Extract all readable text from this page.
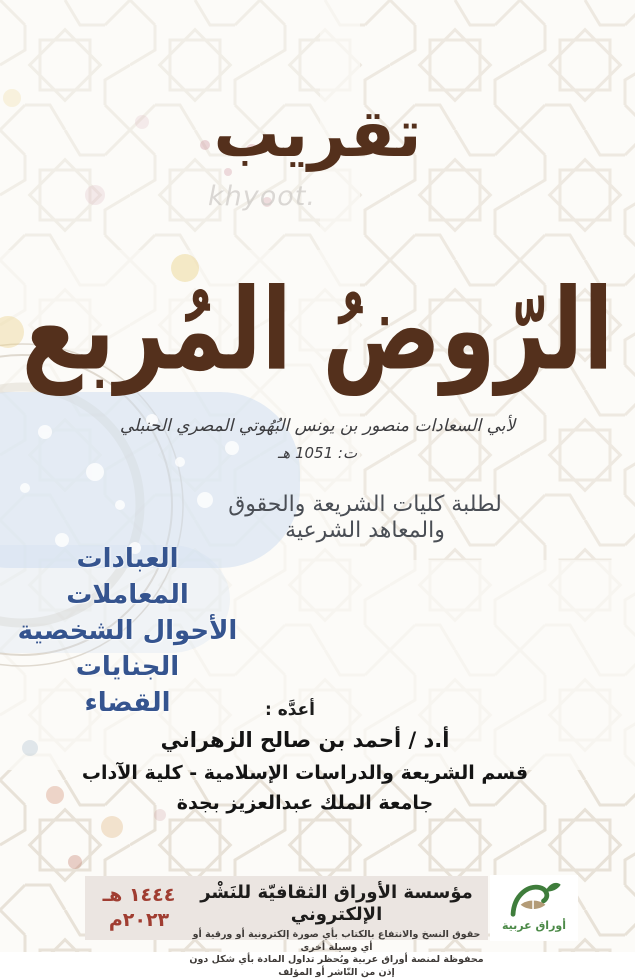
khyoot.
تقريب
الرّوضُ المُربع
لأبي السعادات منصور بن يونس البُهُوتي المصري الحنبلي
ت: 1051 هـ
لطلبة كليات الشريعة والحقوق
والمعاهد الشرعية
العبادات
المعاملات
الأحوال الشخصية
الجنايات
القضاء	أعدَّه :
أ.د / أحمد بن صالح الزهراني
قسم الشريعة والدراسات الإسلامية - كلية الآداب
جامعة الملك عبدالعزيز بجدة
١٤٤٤ هـ
٢٠٢٣م
مؤسسة الأوراق الثقافيّة للنَشْر الإلكتروني
حقوق النسخ والانتفاع بالكتاب بأي صورة إلكترونية أو ورقية أو أي وسيلة أخرى
محفوظة لمنصة أوراق عربية ويُحظر تداول المادة بأي شكل دون إذن من النّاشر أو المؤلف
أوراق عربية
